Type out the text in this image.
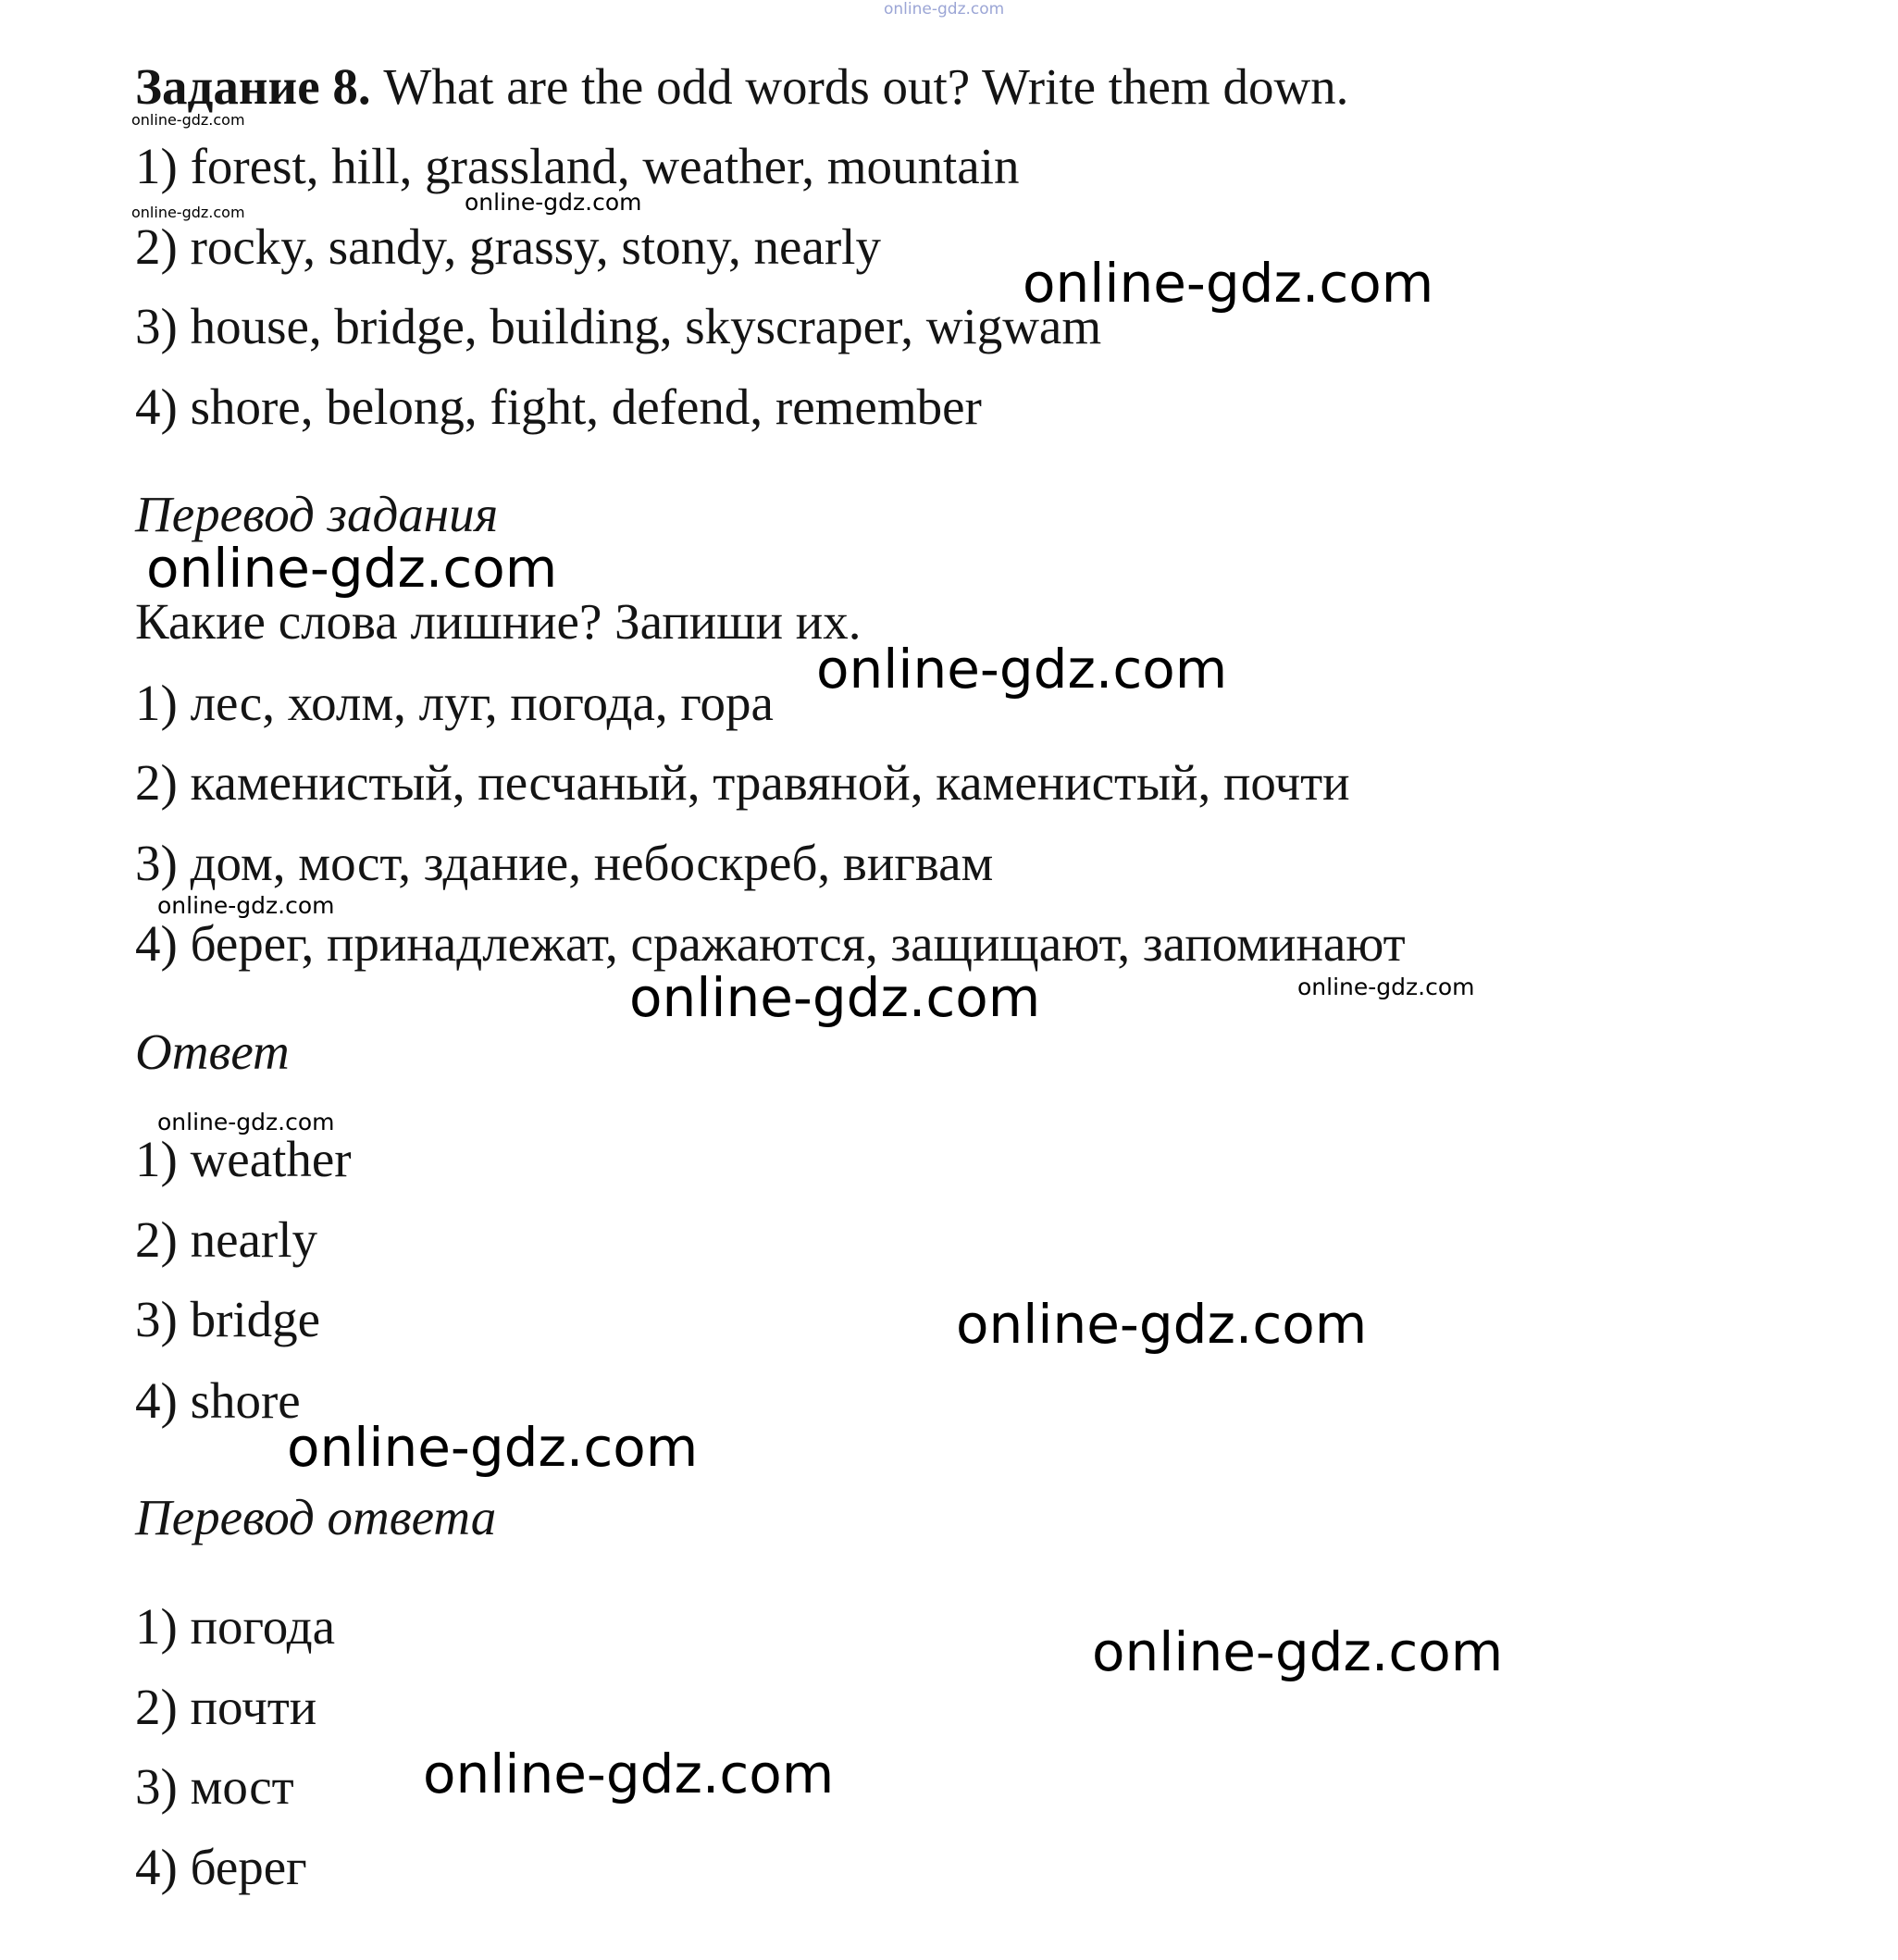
Задание 8. What are the odd words out? Write them down.
1) forest, hill, grassland, weather, mountain
2) rocky, sandy, grassy, stony, nearly
3) house, bridge, building, skyscraper, wigwam
4) shore, belong, fight, defend, remember
Перевод задания
Какие слова лишние? Запиши их.
1) лес, холм, луг, погода, гора
2) каменистый, песчаный, травяной, каменистый, почти
3) дом, мост, здание, небоскреб, вигвам
4) берег, принадлежат, сражаются, защищают, запоминают
Ответ
1) weather
2) nearly
3) bridge
4) shore
Перевод ответа
1) погода
2) почти
3) мост
4) берег
online-gdz.com
online-gdz.com
online-gdz.com
online-gdz.com
online-gdz.com
online-gdz.com
online-gdz.com
online-gdz.com
online-gdz.com	online-gdz.com
online-gdz.com
online-gdz.com
online-gdz.com
online-gdz.com
online-gdz.com
